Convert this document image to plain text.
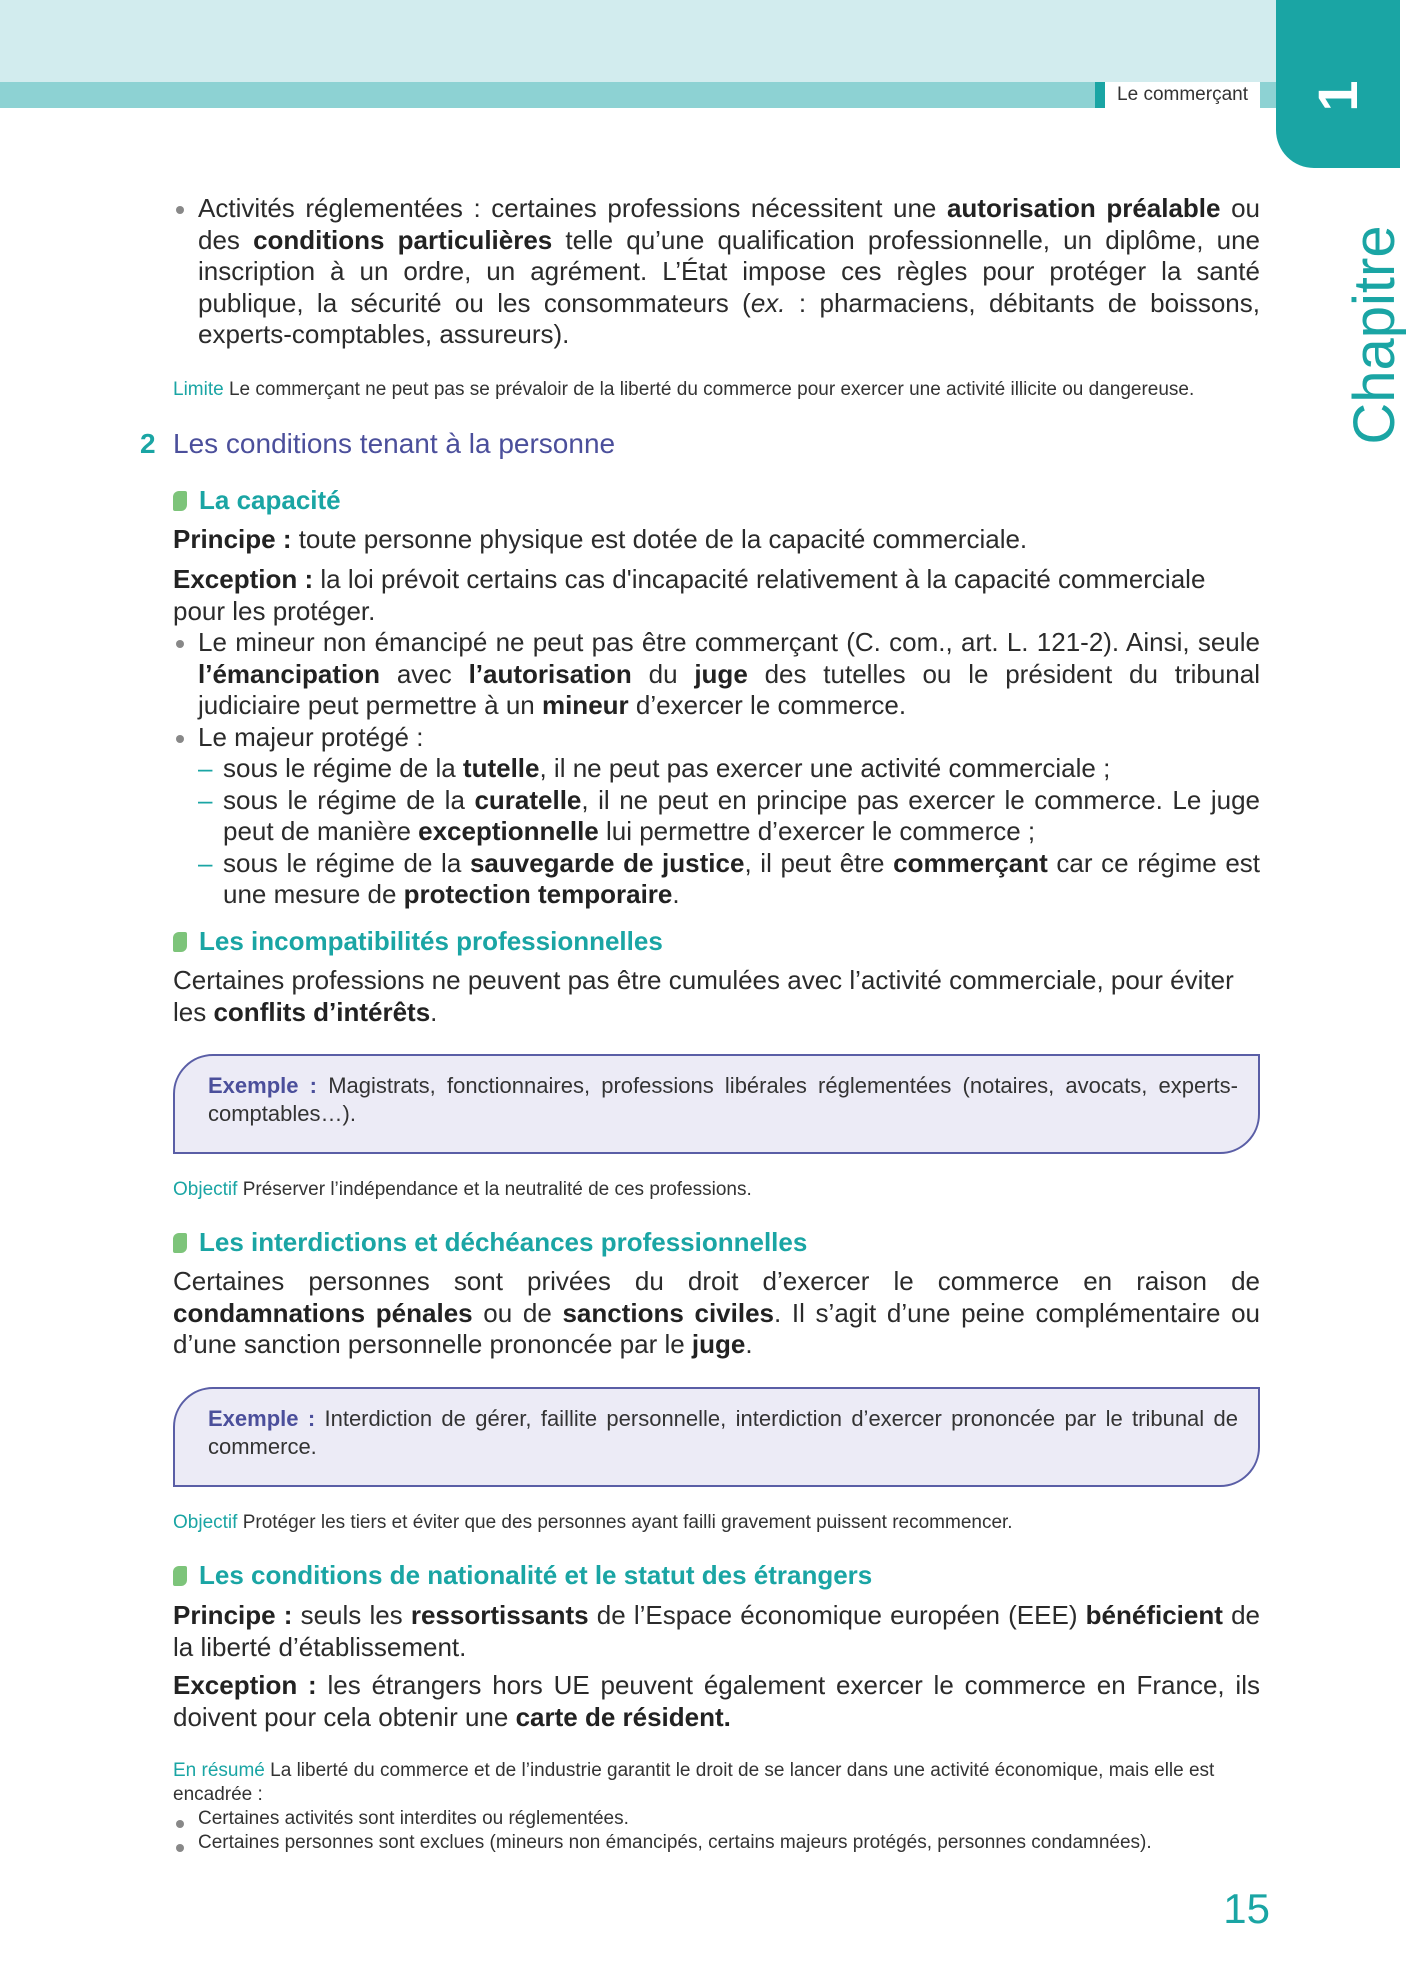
Le commerçant 1
Chapitre
Activités réglementées : certaines professions nécessitent une autorisation préalable ou des conditions particulières telle qu’une qualification professionnelle, un diplôme, une inscription à un ordre, un agrément. L’État impose ces règles pour protéger la santé publique, la sécurité ou les consommateurs (ex. : pharmaciens, débitants de boissons, experts-comptables, assureurs).
Limite Le commerçant ne peut pas se prévaloir de la liberté du commerce pour exercer une activité illicite ou dangereuse.
2 Les conditions tenant à la personne
La capacité
Principe : toute personne physique est dotée de la capacité commerciale.
Exception : la loi prévoit certains cas d'incapacité relativement à la capacité commerciale pour les protéger.
Le mineur non émancipé ne peut pas être commerçant (C. com., art. L. 121-2). Ainsi, seule l’émancipation avec l’autorisation du juge des tutelles ou le président du tribunal judiciaire peut permettre à un mineur d’exercer le commerce.
Le majeur protégé :
– sous le régime de la tutelle, il ne peut pas exercer une activité commerciale ;
– sous le régime de la curatelle, il ne peut en principe pas exercer le commerce. Le juge peut de manière exceptionnelle lui permettre d’exercer le commerce ;
– sous le régime de la sauvegarde de justice, il peut être commerçant car ce régime est une mesure de protection temporaire.
Les incompatibilités professionnelles
Certaines professions ne peuvent pas être cumulées avec l’activité commerciale, pour éviter les conflits d’intérêts.
Exemple : Magistrats, fonctionnaires, professions libérales réglementées (notaires, avocats, experts-comptables…).
Objectif Préserver l’indépendance et la neutralité de ces professions.
Les interdictions et déchéances professionnelles
Certaines personnes sont privées du droit d’exercer le commerce en raison de condamnations pénales ou de sanctions civiles. Il s’agit d’une peine complémentaire ou d’une sanction personnelle prononcée par le juge.
Exemple : Interdiction de gérer, faillite personnelle, interdiction d’exercer prononcée par le tribunal de commerce.
Objectif Protéger les tiers et éviter que des personnes ayant failli gravement puissent recommencer.
Les conditions de nationalité et le statut des étrangers
Principe : seuls les ressortissants de l’Espace économique européen (EEE) bénéficient de la liberté d’établissement.
Exception : les étrangers hors UE peuvent également exercer le commerce en France, ils doivent pour cela obtenir une carte de résident.
En résumé La liberté du commerce et de l’industrie garantit le droit de se lancer dans une activité économique, mais elle est encadrée :
Certaines activités sont interdites ou réglementées.
Certaines personnes sont exclues (mineurs non émancipés, certains majeurs protégés, personnes condamnées).
15
